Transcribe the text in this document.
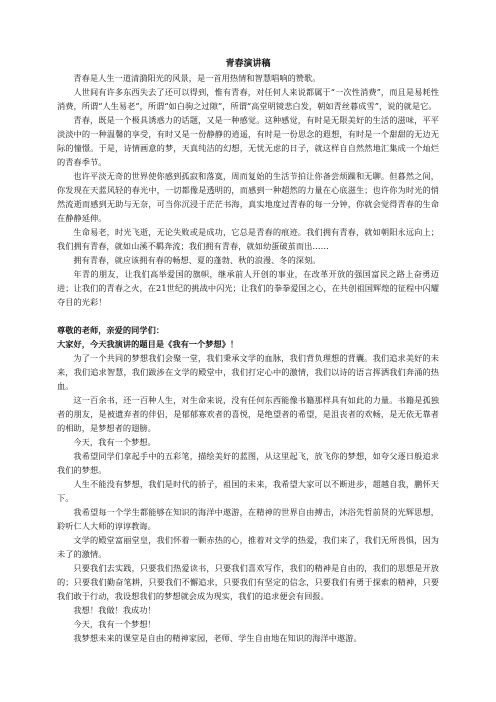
青春演讲稿

青春是人生一道清漪阳光的风景，是一首用热情和智慧唱响的赞歌。

人世间有许多东西失去了还可以得到，惟有青春，对任何人来说都属于“一次性消费”，而且是易耗性消费，所谓“人生易老”，所谓“如白驹之过隙”，所谓“高堂明镜悲白发，朝如青丝暮成雪”，说的就是它。

青春，既是一个极具诱惑力的话题，又是一种感觉。这种感觉，有时是无限美好的生活的滋味，平平淡淡中的一种温馨的享受，有时又是一份静静的逍遥，有时是一份思念的遐想，有时是一个甜甜的无边无际的憧憬。于是，诗情画意的梦，天真纯洁的幻想，无忧无虑的日子，就这样自自然然地汇集成一个灿烂的青春季节。

也许平淡无奇的世界使你感到孤寂和落寞，周而复始的生活节拍让你备尝烦躁和无聊。但暮然之间，你发现在天蓝风轻的春光中，一切都像是透明的，而感到一种超然的力量在心底滋生；也许你为时光的悄然流逝而感到无助与无奈，可当你沉浸于茫茫书海，真实地度过青春的每一分钟，你就会觉得青春的生命在静静延伸。

生命易老，时光飞逝，无论失败或是成功，它总是青春的痕迹。我们拥有青春，就如朝阳永远向上；我们拥有青春，就如山溪不羁奔流；我们拥有青春，就如幼蛋破茧而出……

拥有青春，就应该拥有春的畅想、夏的蓬勃、秋的浪漫、冬的深刻。

年青的朋友，让我们高举爱国的旗帜，继承前人开创的事业，在改革开放的强国富民之路上奋勇迈进；让我们的青春之火，在21世纪的挑战中闪光；让我们的拳拳爱国之心，在共创祖国辉煌的征程中闪耀夺目的光彩！

尊敬的老师，亲爱的同学们：

大家好，今天我演讲的题目是《我有一个梦想》！

为了一个共同的梦想我们会聚一堂，我们秉承文学的血脉，我们背负理想的背囊。我们追求美好的未来，我们追求智慧，我们跋涉在文学的殿堂中，我们打定心中的激情，我们以诗的语言挥洒我们奔涌的热血。

这一百余书，还一百种人生，对生命来说，没有任何东西能像书籍那样具有如此的力量。书籍是孤独者的朋友，是被遗弃者的伴侣，是郁郁寡欢者的喜悦，是绝望者的希望，是沮丧者的欢畅，是无依无靠者的相助，是梦想者的翅膀。

今天，我有一个梦想。

我希望同学们拿起手中的五彩笔，描绘美好的蓝图，从这里起飞，放飞你的梦想，如夸父逐日般追求我们的梦想。

人生不能没有梦想，我们是时代的骄子，祖国的未来，我希望大家可以不断进步，超越自我，鹏怀天下。

我希望每一个学生都能够在知识的海洋中遨游，在精神的世界自由搏击，沐浴先哲前贤的光辉思想，聆听仁人大师的谆谆教诲。

文学的殿堂富丽堂皇，我们怀着一颗赤热的心，推着对文学的热爱，我们来了，我们无所畏惧，因为未了的激情。

只要我们去实践，只要我们热爱读书，只要我们喜欢写作，我们的精神是自由的，我们的思想是开放的；只要我们勤奋笔耕，只要我们不懈追求，只要我们有坚定的信念，只要我们有勇于探索的精神，只要我们敢于行动，我设想我们的梦想就会成为现实，我们的追求便会有回报。

我想！我做！我成功！

今天，我有一个梦想！

我梦想未来的课堂是自由的精神家园，老师、学生自由地在知识的海洋中遨游。
